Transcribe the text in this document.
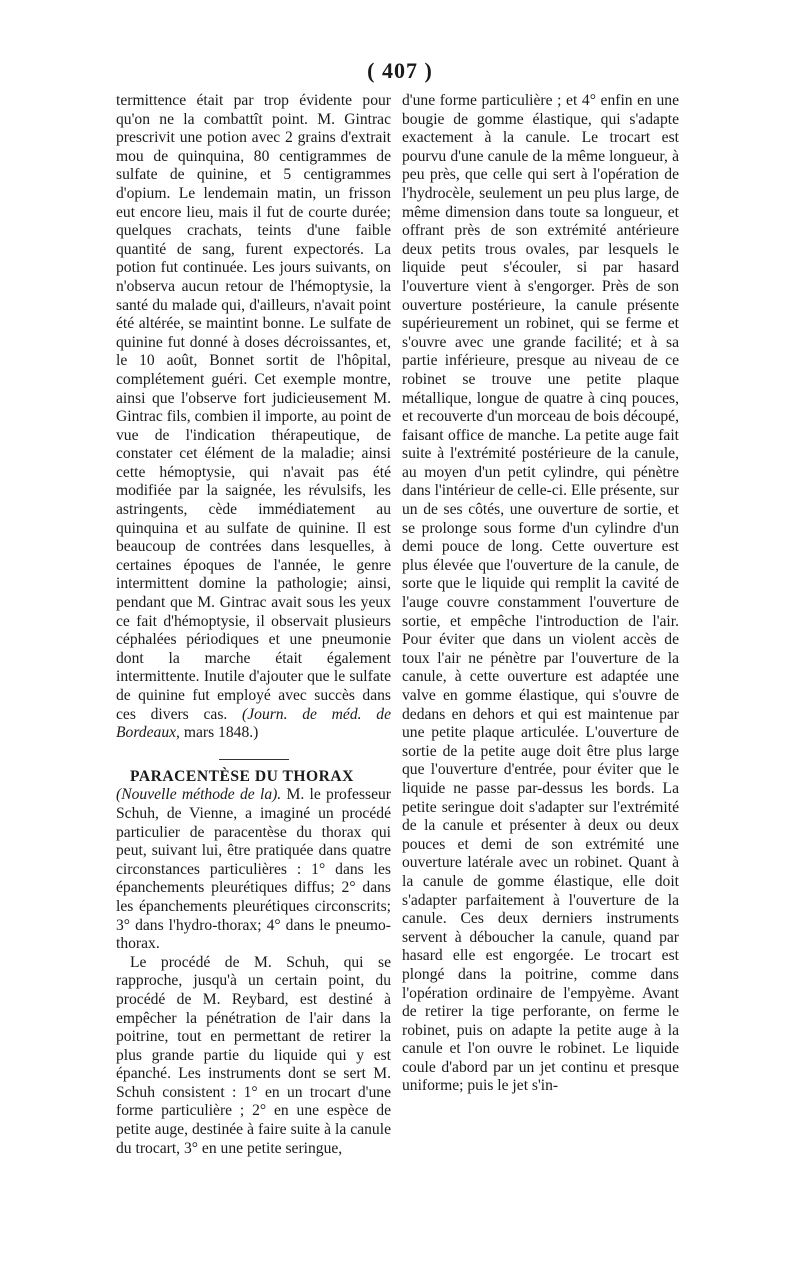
( 407 )

termittence était par trop évidente pour qu'on ne la combattît point. M. Gintrac prescrivit une potion avec 2 grains d'extrait mou de quinquina, 80 centigrammes de sulfate de quinine, et 5 centigrammes d'opium. Le lendemain matin, un frisson eut encore lieu, mais il fut de courte durée; quelques crachats, teints d'une faible quantité de sang, furent expectorés. La potion fut continuée. Les jours suivants, on n'observa aucun retour de l'hémoptysie, la santé du malade qui, d'ailleurs, n'avait point été altérée, se maintint bonne. Le sulfate de quinine fut donné à doses décroissantes, et, le 10 août, Bonnet sortit de l'hôpital, complétement guéri. Cet exemple montre, ainsi que l'observe fort judicieusement M. Gintrac fils, combien il importe, au point de vue de l'indication thérapeutique, de constater cet élément de la maladie; ainsi cette hémoptysie, qui n'avait pas été modifiée par la saignée, les révulsifs, les astringents, cède immédiatement au quinquina et au sulfate de quinine. Il est beaucoup de contrées dans lesquelles, à certaines époques de l'année, le genre intermittent domine la pathologie; ainsi, pendant que M. Gintrac avait sous les yeux ce fait d'hémoptysie, il observait plusieurs céphalées périodiques et une pneumonie dont la marche était également intermittente. Inutile d'ajouter que le sulfate de quinine fut employé avec succès dans ces divers cas. (Journ. de méd. de Bordeaux, mars 1848.)

PARACENTÈSE DU THORAX
(Nouvelle méthode de la). M. le professeur Schuh, de Vienne, a imaginé un procédé particulier de paracentèse du thorax qui peut, suivant lui, être pratiquée dans quatre circonstances particulières : 1° dans les épanchements pleurétiques diffus; 2° dans les épanchements pleurétiques circonscrits; 3° dans l'hydro-thorax; 4° dans le pneumo-thorax.

Le procédé de M. Schuh, qui se rapproche, jusqu'à un certain point, du procédé de M. Reybard, est destiné à empêcher la pénétration de l'air dans la poitrine, tout en permettant de retirer la plus grande partie du liquide qui y est épanché. Les instruments dont se sert M. Schuh consistent : 1° en un trocart d'une forme particulière ; 2° en une espèce de petite auge, destinée à faire suite à la canule du trocart, 3° en une petite seringue,

d'une forme particulière ; et 4° enfin en une bougie de gomme élastique, qui s'adapte exactement à la canule. Le trocart est pourvu d'une canule de la même longueur, à peu près, que celle qui sert à l'opération de l'hydrocèle, seulement un peu plus large, de même dimension dans toute sa longueur, et offrant près de son extrémité antérieure deux petits trous ovales, par lesquels le liquide peut s'écouler, si par hasard l'ouverture vient à s'engorger. Près de son ouverture postérieure, la canule présente supérieurement un robinet, qui se ferme et s'ouvre avec une grande facilité; et à sa partie inférieure, presque au niveau de ce robinet se trouve une petite plaque métallique, longue de quatre à cinq pouces, et recouverte d'un morceau de bois découpé, faisant office de manche. La petite auge fait suite à l'extrémité postérieure de la canule, au moyen d'un petit cylindre, qui pénètre dans l'intérieur de celle-ci. Elle présente, sur un de ses côtés, une ouverture de sortie, et se prolonge sous forme d'un cylindre d'un demi pouce de long. Cette ouverture est plus élevée que l'ouverture de la canule, de sorte que le liquide qui remplit la cavité de l'auge couvre constamment l'ouverture de sortie, et empêche l'introduction de l'air. Pour éviter que dans un violent accès de toux l'air ne pénètre par l'ouverture de la canule, à cette ouverture est adaptée une valve en gomme élastique, qui s'ouvre de dedans en dehors et qui est maintenue par une petite plaque articulée. L'ouverture de sortie de la petite auge doit être plus large que l'ouverture d'entrée, pour éviter que le liquide ne passe par-dessus les bords. La petite seringue doit s'adapter sur l'extrémité de la canule et présenter à deux ou deux pouces et demi de son extrémité une ouverture latérale avec un robinet. Quant à la canule de gomme élastique, elle doit s'adapter parfaitement à l'ouverture de la canule. Ces deux derniers instruments servent à déboucher la canule, quand par hasard elle est engorgée. Le trocart est plongé dans la poitrine, comme dans l'opération ordinaire de l'empyème. Avant de retirer la tige perforante, on ferme le robinet, puis on adapte la petite auge à la canule et l'on ouvre le robinet. Le liquide coule d'abord par un jet continu et presque uniforme; puis le jet s'in-
